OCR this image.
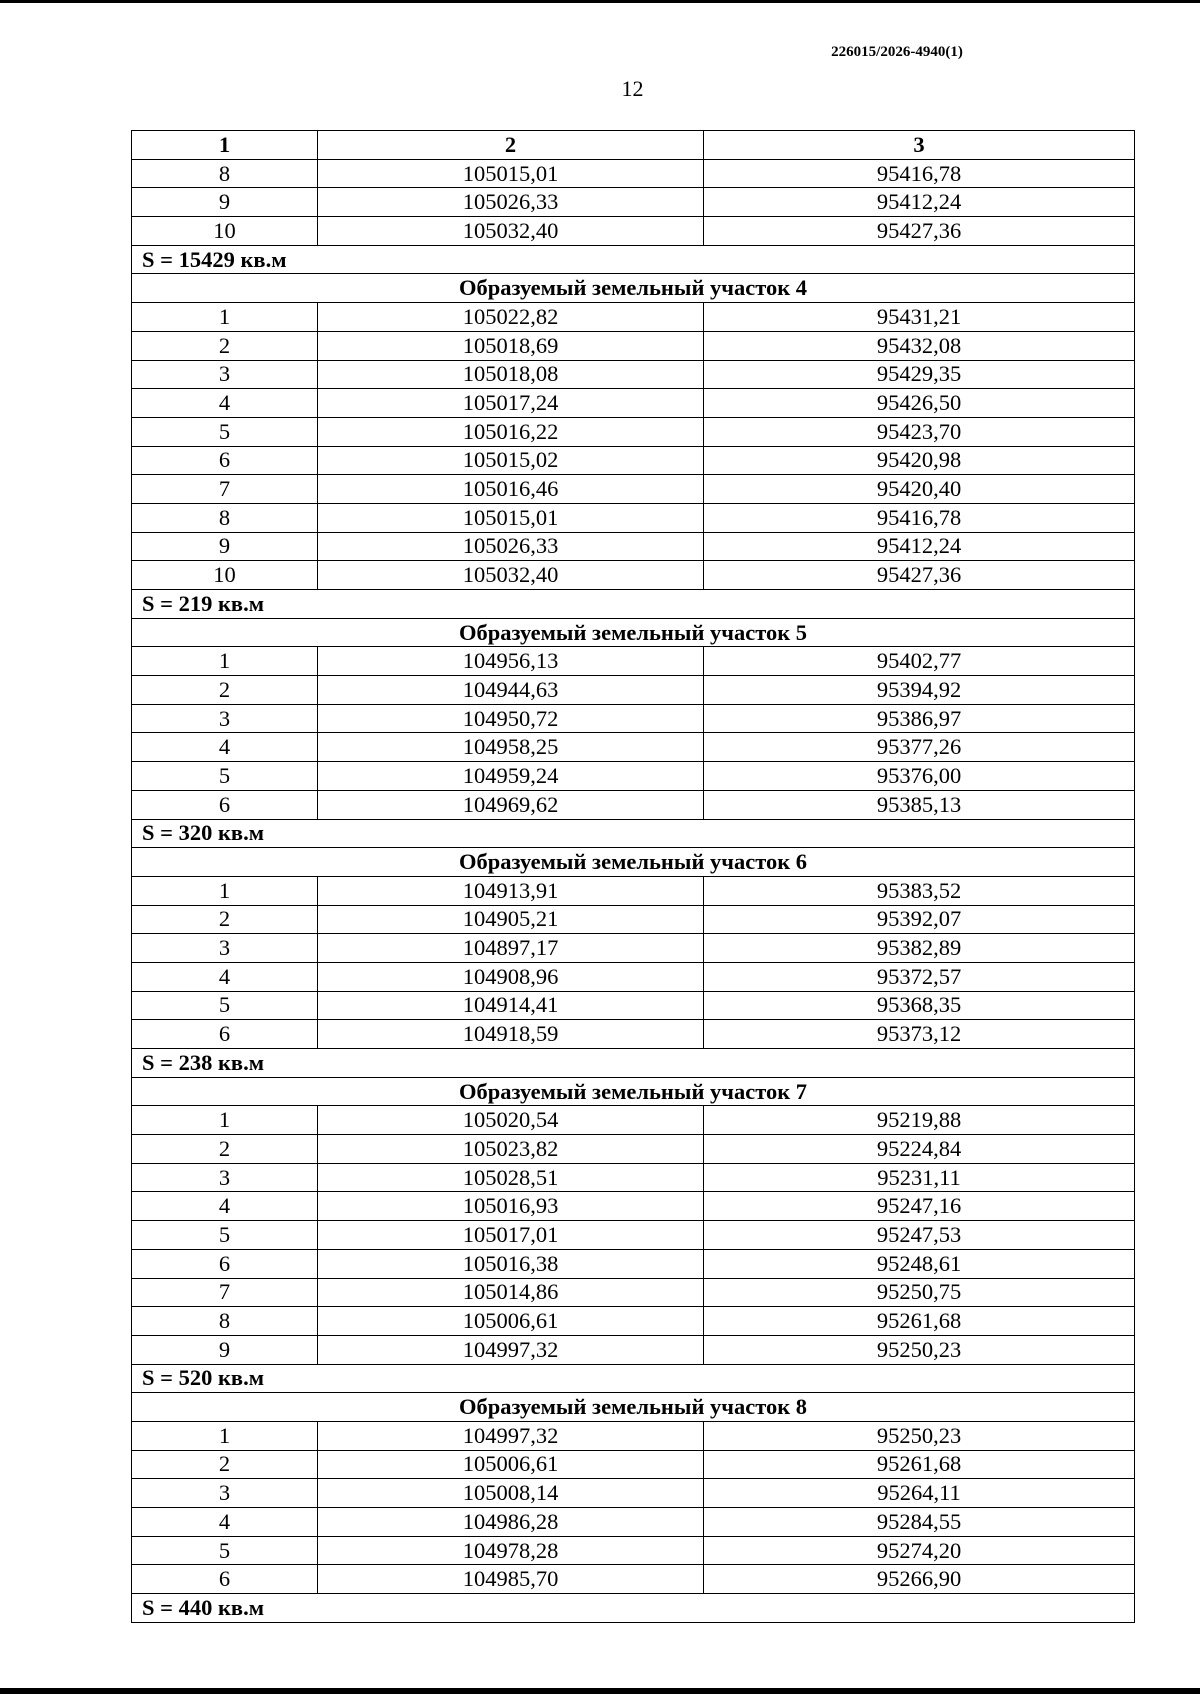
226015/2026-4940(1)
12
1	2	3
8	105015,01	95416,78
9	105026,33	95412,24
10	105032,40	95427,36
S = 15429 кв.м		
Образуемый земельный участок 4		
1	105022,82	95431,21
2	105018,69	95432,08
3	105018,08	95429,35
4	105017,24	95426,50
5	105016,22	95423,70
6	105015,02	95420,98
7	105016,46	95420,40
8	105015,01	95416,78
9	105026,33	95412,24
10	105032,40	95427,36
S = 219 кв.м		
Образуемый земельный участок 5		
1	104956,13	95402,77
2	104944,63	95394,92
3	104950,72	95386,97
4	104958,25	95377,26
5	104959,24	95376,00
6	104969,62	95385,13
S = 320 кв.м		
Образуемый земельный участок 6		
1	104913,91	95383,52
2	104905,21	95392,07
3	104897,17	95382,89
4	104908,96	95372,57
5	104914,41	95368,35
6	104918,59	95373,12
S = 238 кв.м		
Образуемый земельный участок 7		
1	105020,54	95219,88
2	105023,82	95224,84
3	105028,51	95231,11
4	105016,93	95247,16
5	105017,01	95247,53
6	105016,38	95248,61
7	105014,86	95250,75
8	105006,61	95261,68
9	104997,32	95250,23
S = 520 кв.м		
Образуемый земельный участок 8		
1	104997,32	95250,23
2	105006,61	95261,68
3	105008,14	95264,11
4	104986,28	95284,55
5	104978,28	95274,20
6	104985,70	95266,90
S = 440 кв.м		
